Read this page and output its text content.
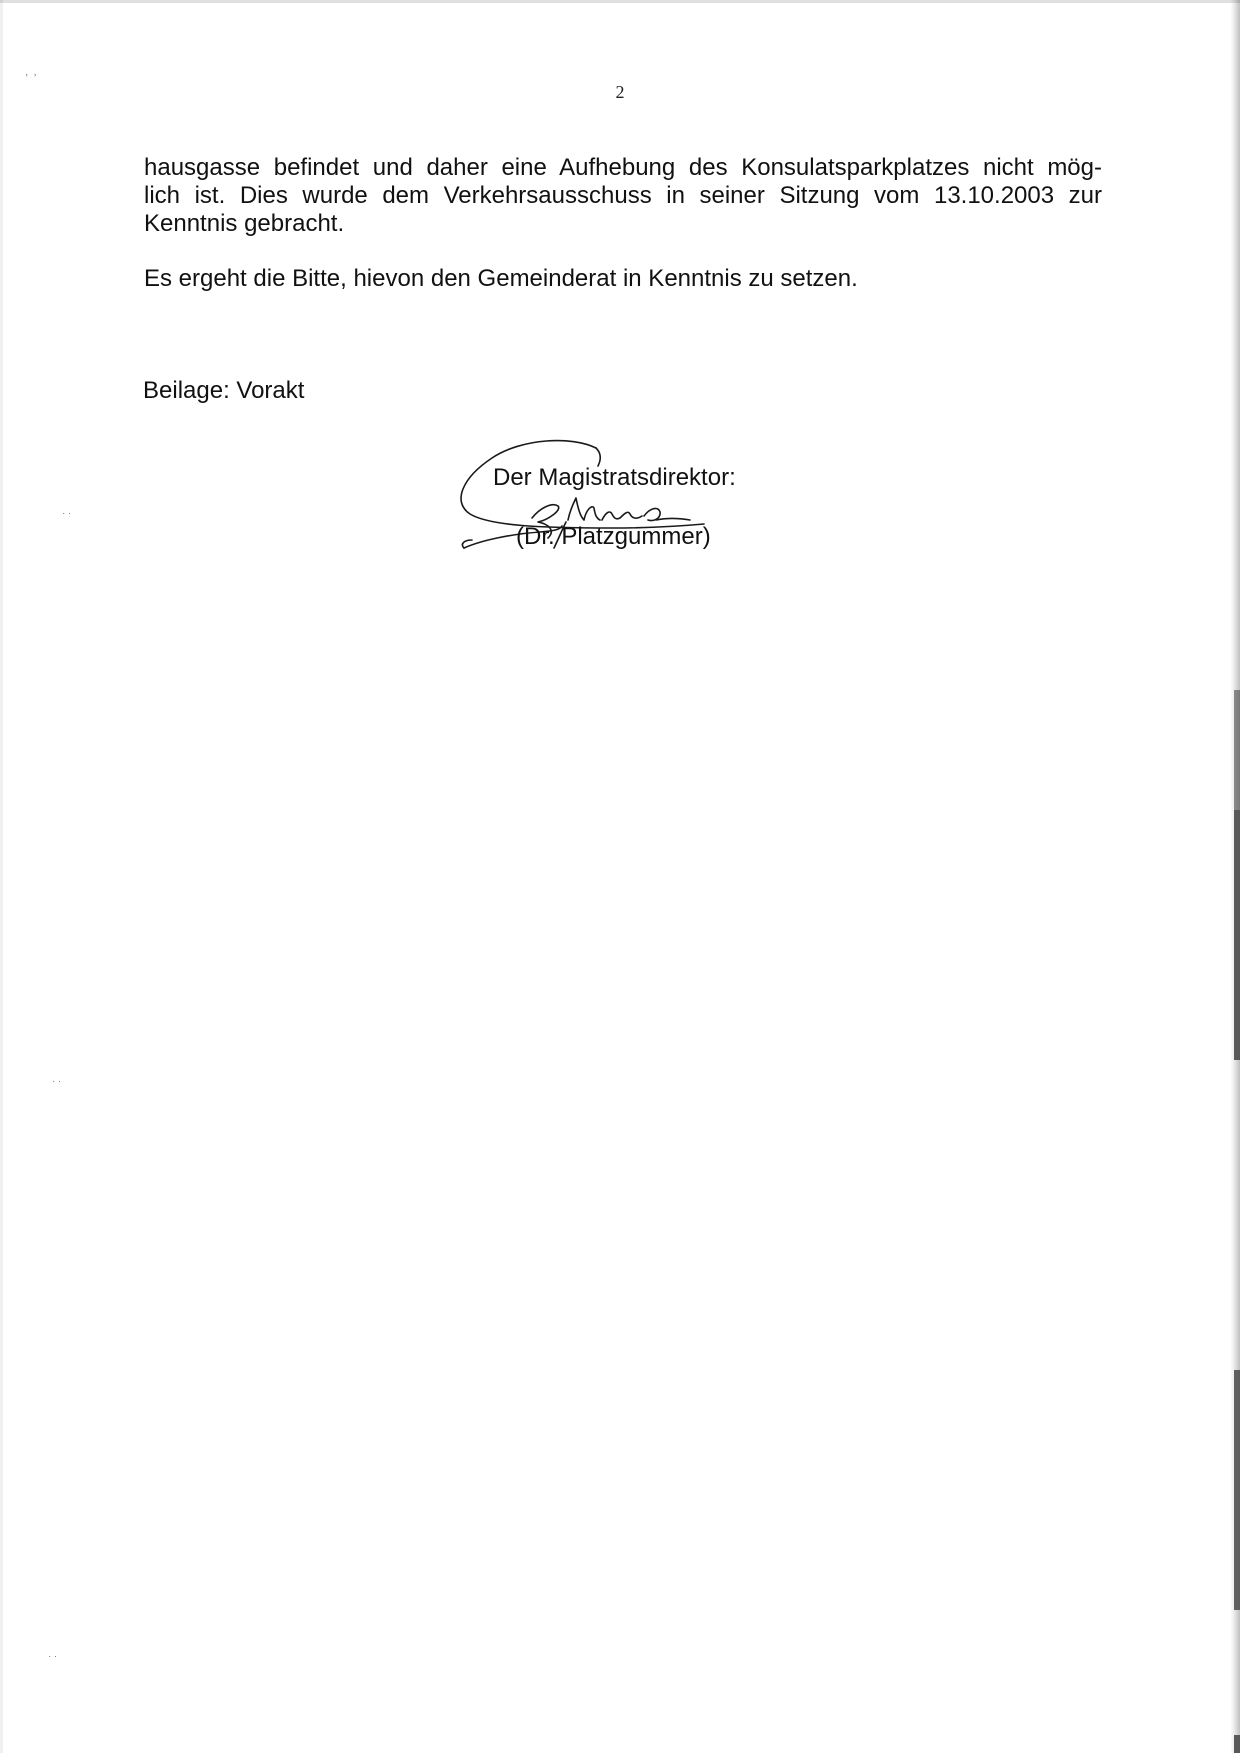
ʼ  ʼ
˙ ˙
˙ ˙
˙ ˙
2
hausgasse befindet und daher eine Aufhebung des Konsulatsparkplatzes nicht mög-
lich ist. Dies wurde dem Verkehrsausschuss in seiner Sitzung vom 13.10.2003 zur
Kenntnis gebracht.

Es ergeht die Bitte, hievon den Gemeinderat in Kenntnis zu setzen.

Beilage: Vorakt

Der Magistratsdirektor:
(Dr. Platzgummer)
